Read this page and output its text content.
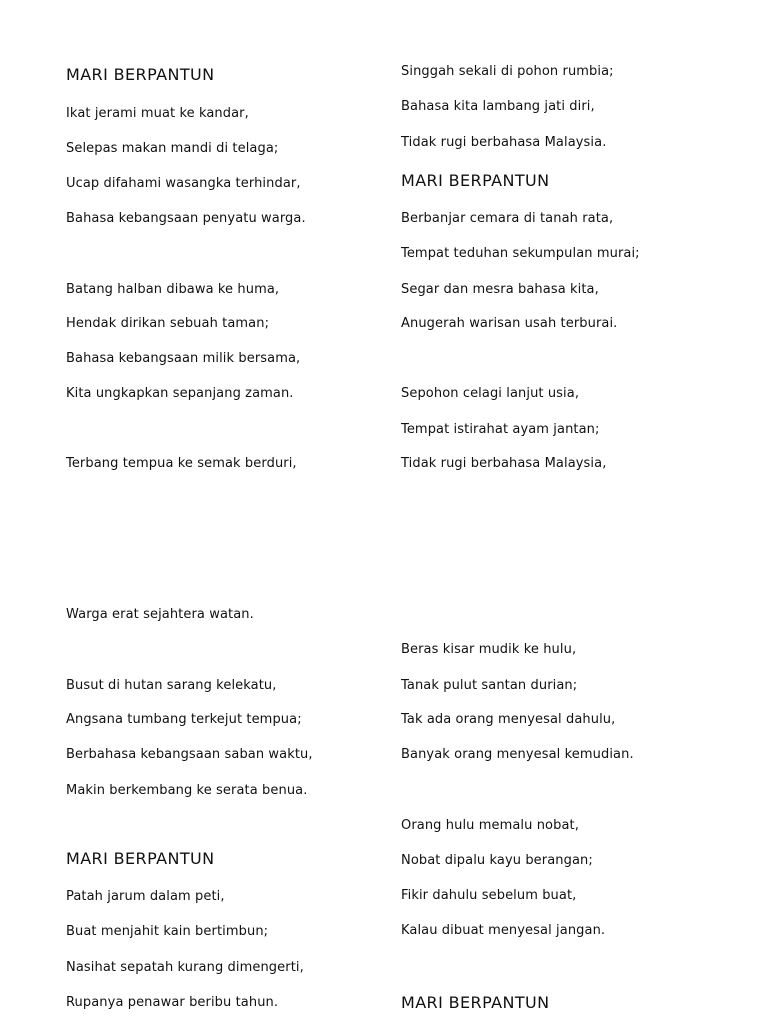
MARI BERPANTUN
Ikat jerami muat ke kandar,
Selepas makan mandi di telaga;
Ucap difahami wasangka terhindar,
Bahasa kebangsaan penyatu warga.
Batang halban dibawa ke huma,
Hendak dirikan sebuah taman;
Bahasa kebangsaan milik bersama,
Kita ungkapkan sepanjang zaman.
Terbang tempua ke semak berduri,
Warga erat sejahtera watan.
Busut di hutan sarang kelekatu,
Angsana tumbang terkejut tempua;
Berbahasa kebangsaan saban waktu,
Makin berkembang ke serata benua.
MARI BERPANTUN
Patah jarum dalam peti,
Buat menjahit kain bertimbun;
Nasihat sepatah kurang dimengerti,
Rupanya penawar beribu tahun.
Singgah sekali di pohon rumbia;
Bahasa kita lambang jati diri,
Tidak rugi berbahasa Malaysia.
MARI BERPANTUN
Berbanjar cemara di tanah rata,
Tempat teduhan sekumpulan murai;
Segar dan mesra bahasa kita,
Anugerah warisan usah terburai.
Sepohon celagi lanjut usia,
Tempat istirahat ayam jantan;
Tidak rugi berbahasa Malaysia,
Beras kisar mudik ke hulu,
Tanak pulut santan durian;
Tak ada orang menyesal dahulu,
Banyak orang menyesal kemudian.
Orang hulu memalu nobat,
Nobat dipalu kayu berangan;
Fikir dahulu sebelum buat,
Kalau dibuat menyesal jangan.
MARI BERPANTUN
